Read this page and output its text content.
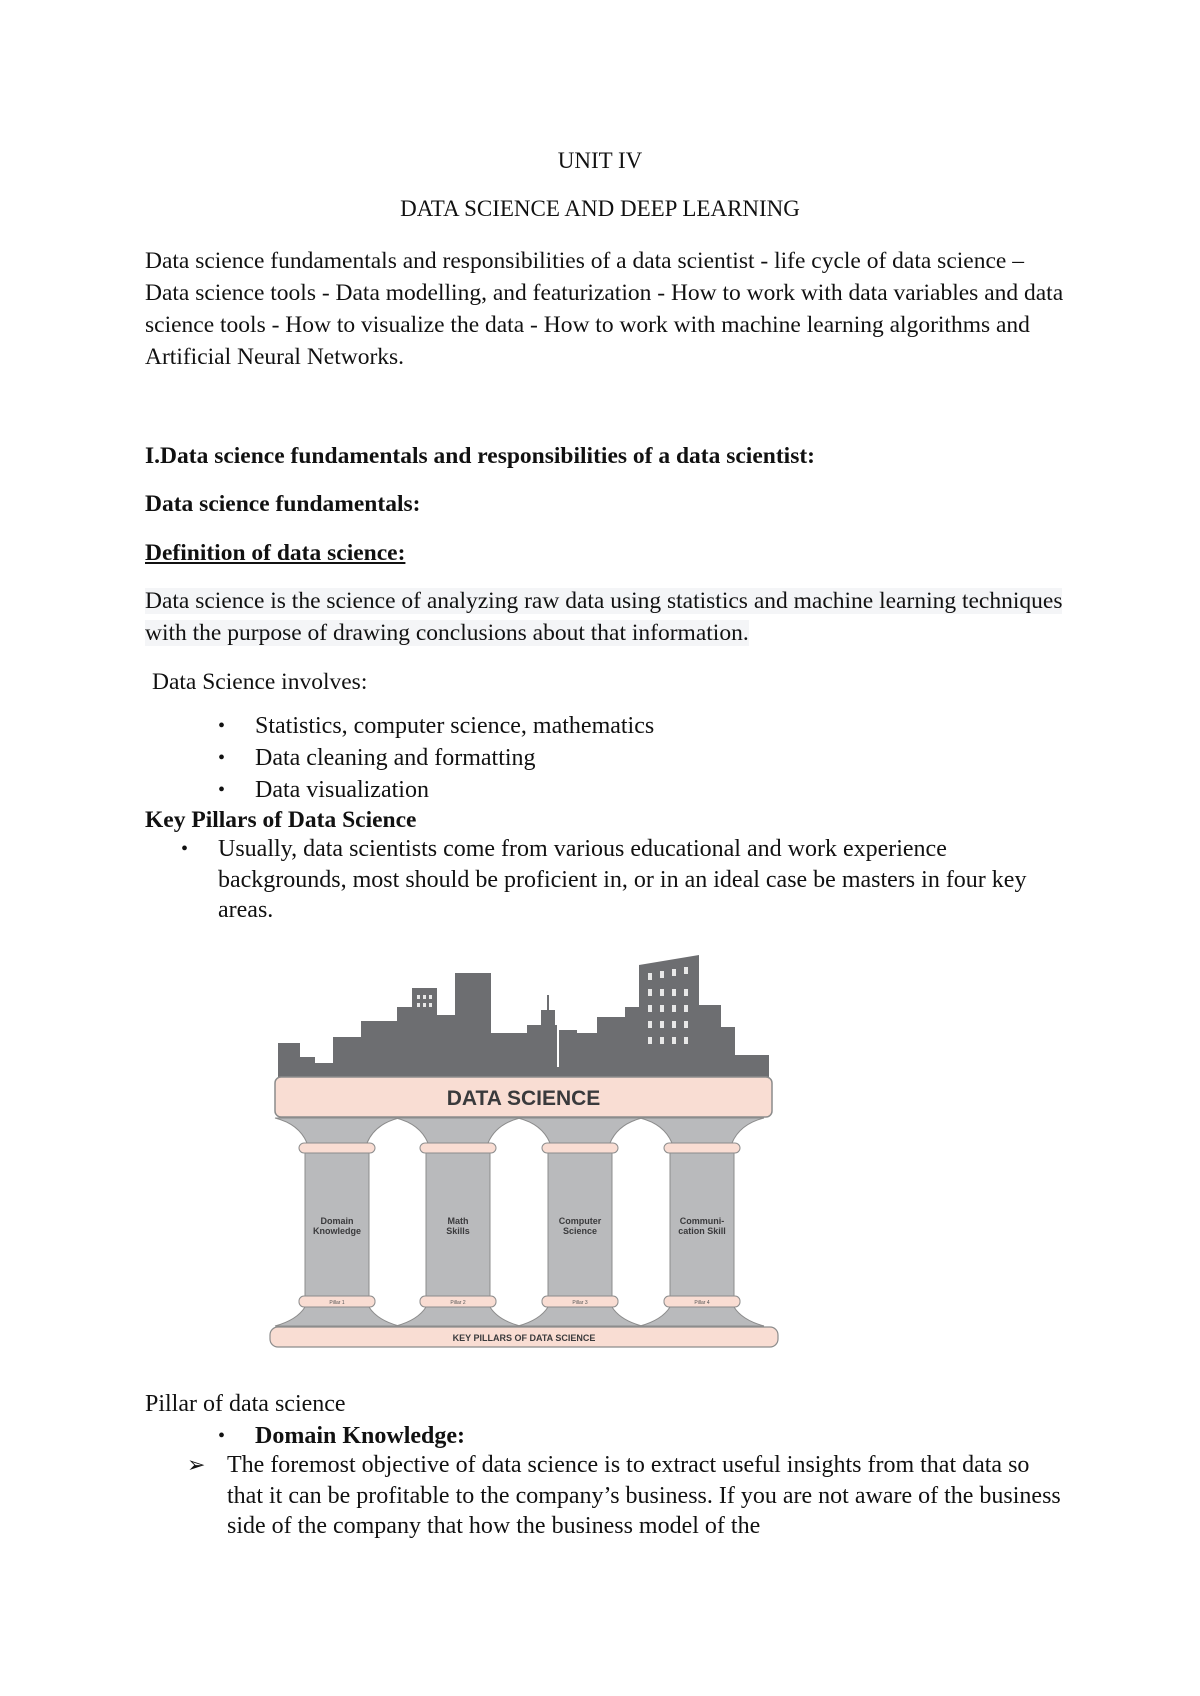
UNIT IV
DATA SCIENCE AND DEEP LEARNING
Data science fundamentals and responsibilities of a data scientist - life cycle of data science – Data science tools - Data modelling, and featurization - How to work with data variables and data science tools - How to visualize the data - How to work with machine learning algorithms and Artificial Neural Networks.
I.Data science fundamentals and responsibilities of a data scientist:
Data science fundamentals:
Definition of data science:
Data science is the science of analyzing raw data using statistics and machine learning techniques with the purpose of drawing conclusions about that information.
Data Science involves:
• Statistics, computer science, mathematics
• Data cleaning and formatting
• Data visualization
Key Pillars of Data Science
• Usually, data scientists come from various educational and work experience backgrounds, most should be proficient in, or in an ideal case be masters in four key areas.
DATA SCIENCE
Domain
Knowledge
Pillar 1
Math
Skills
Pillar 2
Computer
Science
Pillar 3
Communi-
cation Skill
Pillar 4
KEY PILLARS OF DATA SCIENCE
Pillar of data science
• Domain Knowledge:
➢ The foremost objective of data science is to extract useful insights from that data so that it can be profitable to the company’s business. If you are not aware of the business side of the company that how the business model of the
